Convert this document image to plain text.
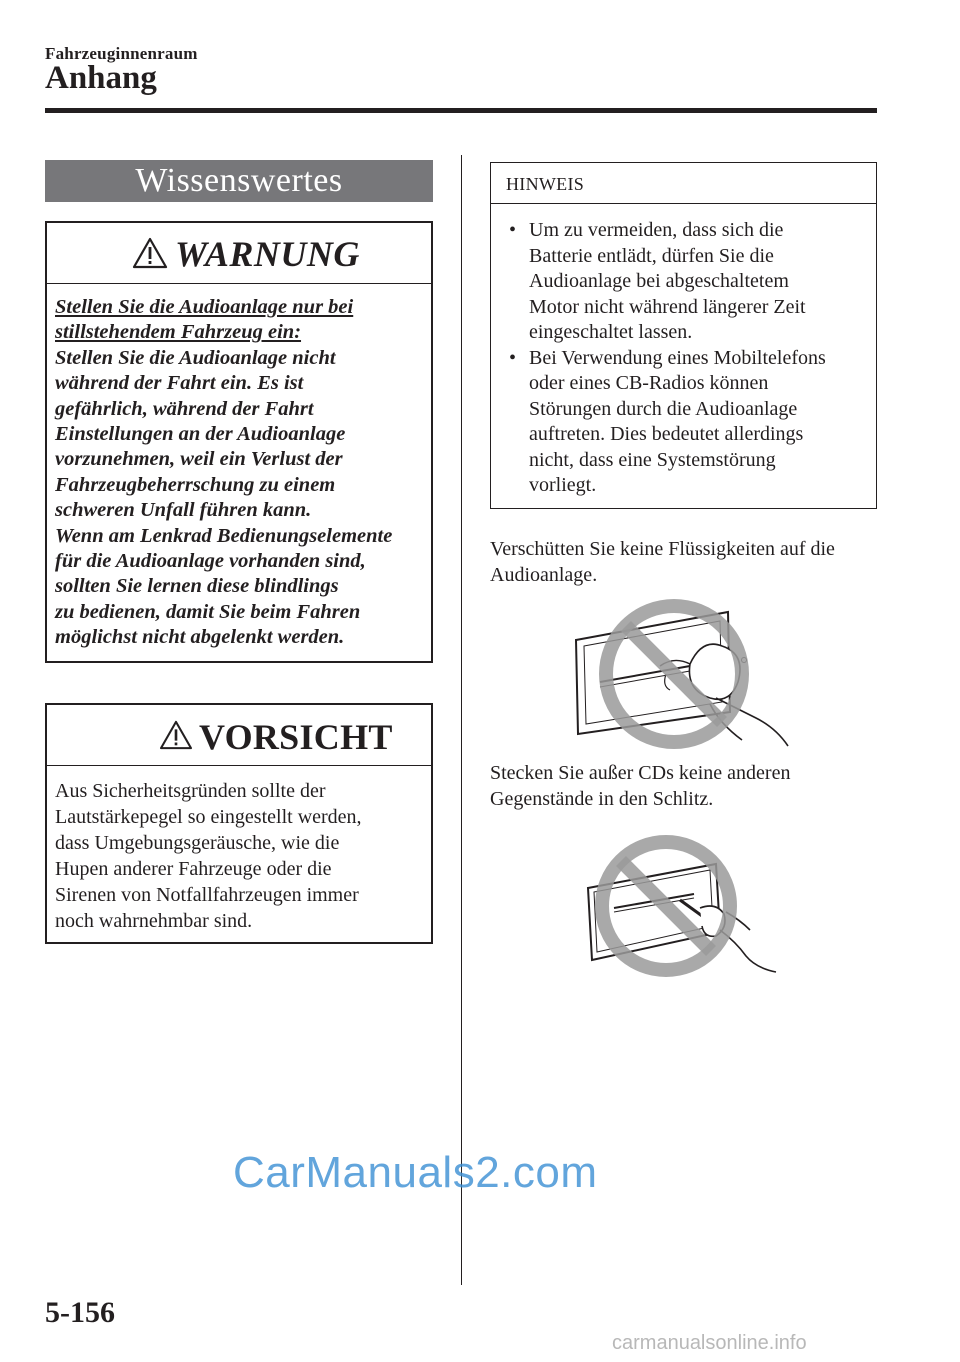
Fahrzeuginnenraum
Anhang
Wissenswertes
WARNUNG
Stellen Sie die Audioanlage nur bei
stillstehendem Fahrzeug ein:
Stellen Sie die Audioanlage nicht
während der Fahrt ein. Es ist
gefährlich, während der Fahrt
Einstellungen an der Audioanlage
vorzunehmen, weil ein Verlust der
Fahrzeugbeherrschung zu einem
schweren Unfall führen kann.
Wenn am Lenkrad Bedienungselemente
für die Audioanlage vorhanden sind,
sollten Sie lernen diese blindlings
zu bedienen, damit Sie beim Fahren
möglichst nicht abgelenkt werden.
VORSICHT
Aus Sicherheitsgründen sollte der
Lautstärkepegel so eingestellt werden,
dass Umgebungsgeräusche, wie die
Hupen anderer Fahrzeuge oder die
Sirenen von Notfallfahrzeugen immer
noch wahrnehmbar sind.
HINWEIS
• Um zu vermeiden, dass sich die
Batterie entlädt, dürfen Sie die
Audioanlage bei abgeschaltetem
Motor nicht während längerer Zeit
eingeschaltet lassen.
• Bei Verwendung eines Mobiltelefons
oder eines CB-Radios können
Störungen durch die Audioanlage
auftreten. Dies bedeutet allerdings
nicht, dass eine Systemstörung
vorliegt.
Verschütten Sie keine Flüssigkeiten auf die
Audioanlage.
Stecken Sie außer CDs keine anderen
Gegenstände in den Schlitz.
CarManuals2.com
5-156
carmanualsonline.info
